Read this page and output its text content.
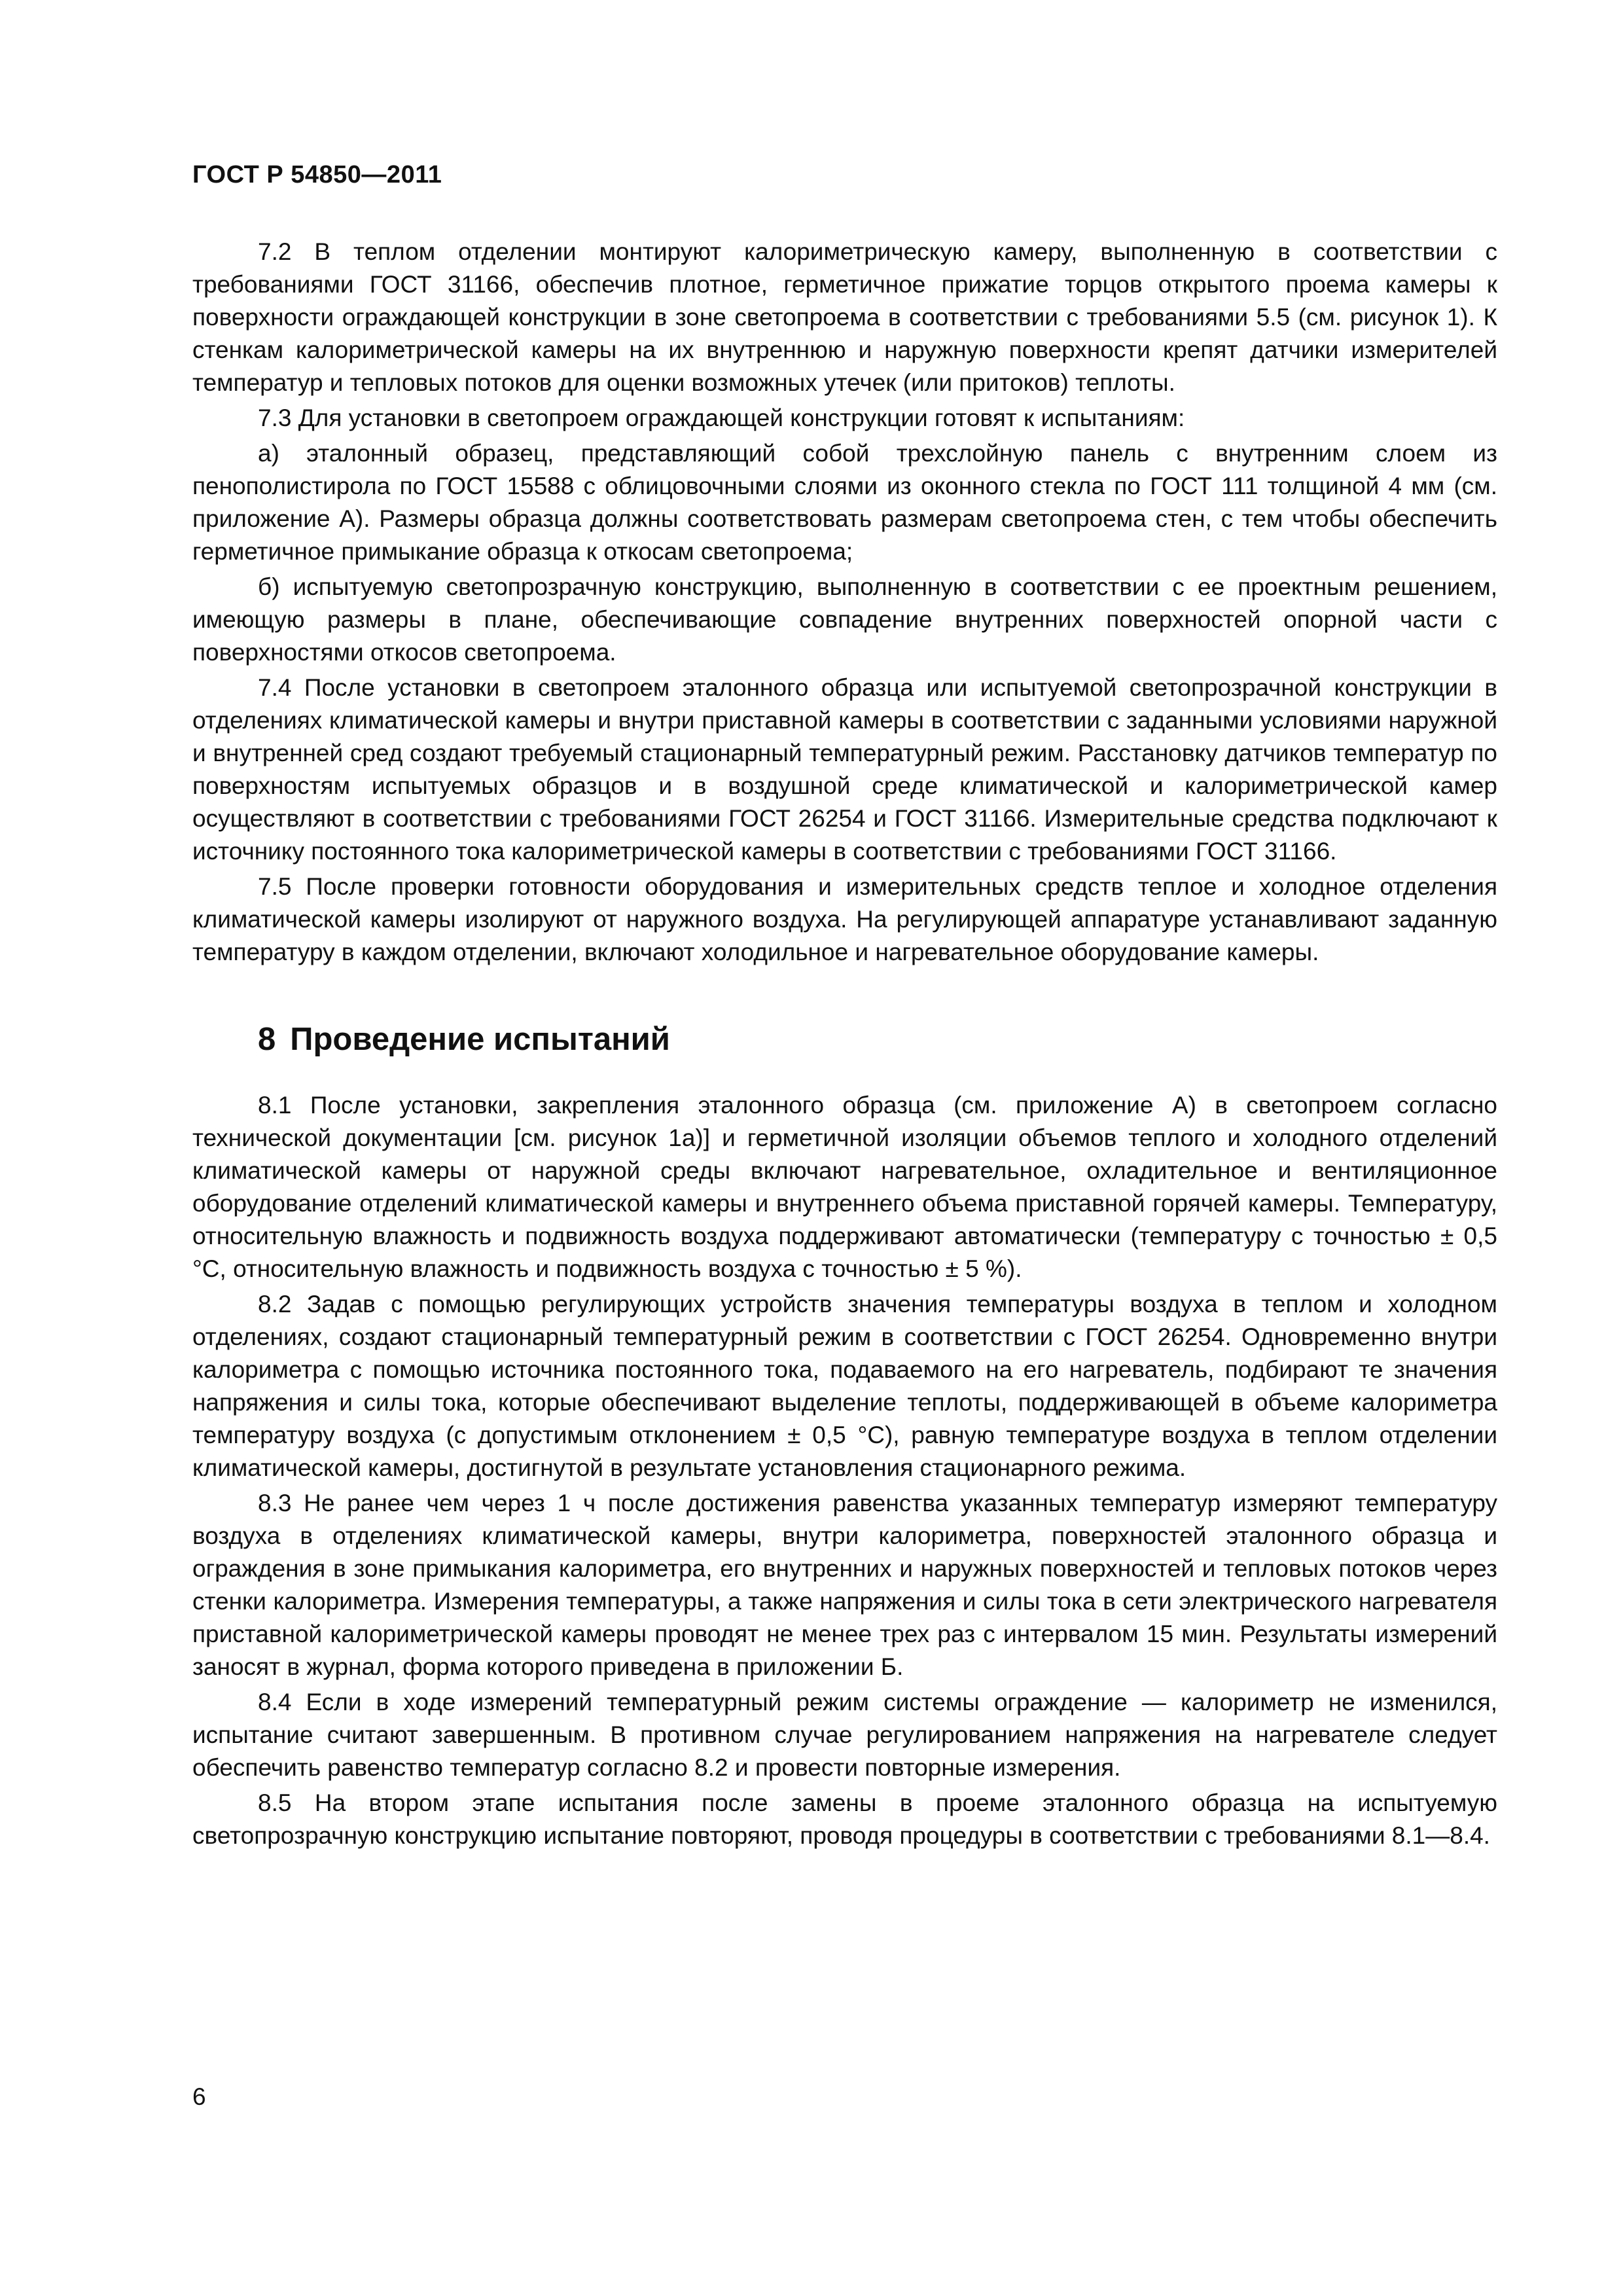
ГОСТ Р 54850—2011

7.2 В теплом отделении монтируют калориметрическую камеру, выполненную в соответствии с требованиями ГОСТ 31166, обеспечив плотное, герметичное прижатие торцов открытого проема камеры к поверхности ограждающей конструкции в зоне светопроема в соответствии с требованиями 5.5 (см. рисунок 1). К стенкам калориметрической камеры на их внутреннюю и наружную поверхности крепят датчики измерителей температур и тепловых потоков для оценки возможных утечек (или притоков) теплоты.

7.3 Для установки в светопроем ограждающей конструкции готовят к испытаниям:

а) эталонный образец, представляющий собой трехслойную панель с внутренним слоем из пенополистирола по ГОСТ 15588 с облицовочными слоями из оконного стекла по ГОСТ 111 толщиной 4 мм (см. приложение А). Размеры образца должны соответствовать размерам светопроема стен, с тем чтобы обеспечить герметичное примыкание образца к откосам светопроема;

б) испытуемую светопрозрачную конструкцию, выполненную в соответствии с ее проектным решением, имеющую размеры в плане, обеспечивающие совпадение внутренних поверхностей опорной части с поверхностями откосов светопроема.

7.4 После установки в светопроем эталонного образца или испытуемой светопрозрачной конструкции в отделениях климатической камеры и внутри приставной камеры в соответствии с заданными условиями наружной и внутренней сред создают требуемый стационарный температурный режим. Расстановку датчиков температур по поверхностям испытуемых образцов и в воздушной среде климатической и калориметрической камер осуществляют в соответствии с требованиями ГОСТ 26254 и ГОСТ 31166. Измерительные средства подключают к источнику постоянного тока калориметрической камеры в соответствии с требованиями ГОСТ 31166.

7.5 После проверки готовности оборудования и измерительных средств теплое и холодное отделения климатической камеры изолируют от наружного воздуха. На регулирующей аппаратуре устанавливают заданную температуру в каждом отделении, включают холодильное и нагревательное оборудование камеры.

8 Проведение испытаний

8.1 После установки, закрепления эталонного образца (см. приложение А) в светопроем согласно технической документации [см. рисунок 1а)] и герметичной изоляции объемов теплого и холодного отделений климатической камеры от наружной среды включают нагревательное, охладительное и вентиляционное оборудование отделений климатической камеры и внутреннего объема приставной горячей камеры. Температуру, относительную влажность и подвижность воздуха поддерживают автоматически (температуру с точностью ± 0,5 °С, относительную влажность и подвижность воздуха с точностью ± 5 %).

8.2 Задав с помощью регулирующих устройств значения температуры воздуха в теплом и холодном отделениях, создают стационарный температурный режим в соответствии с ГОСТ 26254. Одновременно внутри калориметра с помощью источника постоянного тока, подаваемого на его нагреватель, подбирают те значения напряжения и силы тока, которые обеспечивают выделение теплоты, поддерживающей в объеме калориметра температуру воздуха (с допустимым отклонением ± 0,5 °С), равную температуре воздуха в теплом отделении климатической камеры, достигнутой в результате установления стационарного режима.

8.3 Не ранее чем через 1 ч после достижения равенства указанных температур измеряют температуру воздуха в отделениях климатической камеры, внутри калориметра, поверхностей эталонного образца и ограждения в зоне примыкания калориметра, его внутренних и наружных поверхностей и тепловых потоков через стенки калориметра. Измерения температуры, а также напряжения и силы тока в сети электрического нагревателя приставной калориметрической камеры проводят не менее трех раз с интервалом 15 мин. Результаты измерений заносят в журнал, форма которого приведена в приложении Б.

8.4 Если в ходе измерений температурный режим системы ограждение — калориметр не изменился, испытание считают завершенным. В противном случае регулированием напряжения на нагревателе следует обеспечить равенство температур согласно 8.2 и провести повторные измерения.

8.5 На втором этапе испытания после замены в проеме эталонного образца на испытуемую светопрозрачную конструкцию испытание повторяют, проводя процедуры в соответствии с требованиями 8.1—8.4.

6
